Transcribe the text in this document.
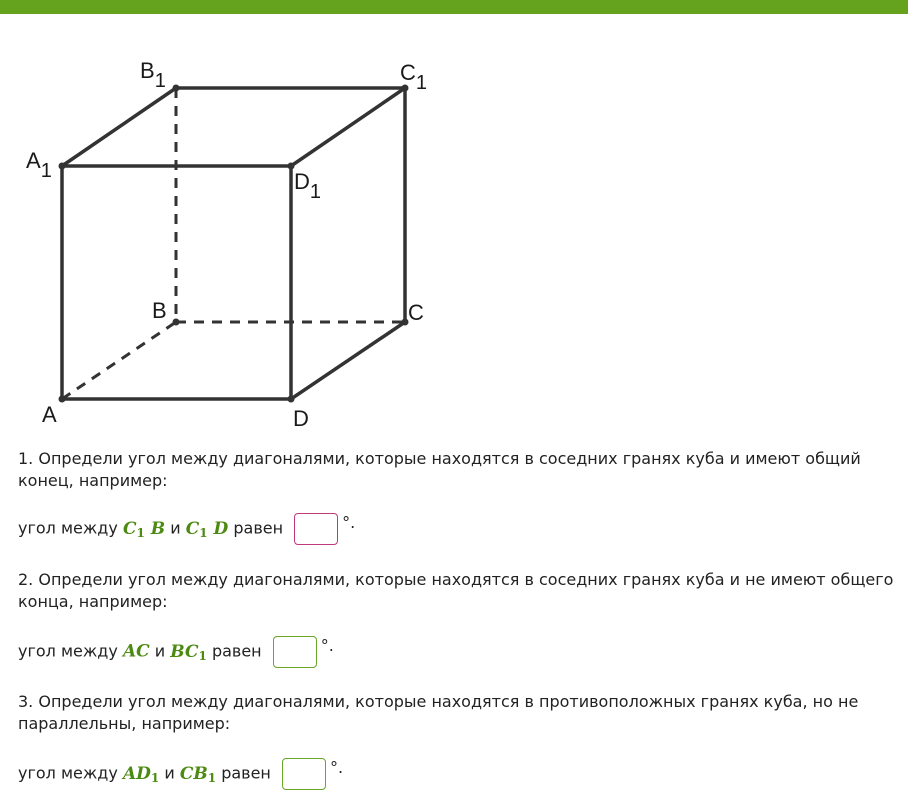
B1	C1
A1	D1
B	C
A	D
1. Определи угол между диагоналями, которые находятся в соседних гранях куба и имеют общий конец, например:
угол между $C_1$ B и $C_1$ D равен	°.
2. Определи угол между диагоналями, которые находятся в соседних гранях куба и не имеют общего конца, например:
угол между AC и $BC_1$ равен	°.
3. Определи угол между диагоналями, которые находятся в противоположных гранях куба, но не параллельны, например:
угол между $AD_1$ и $CB_1$ равен	°.
